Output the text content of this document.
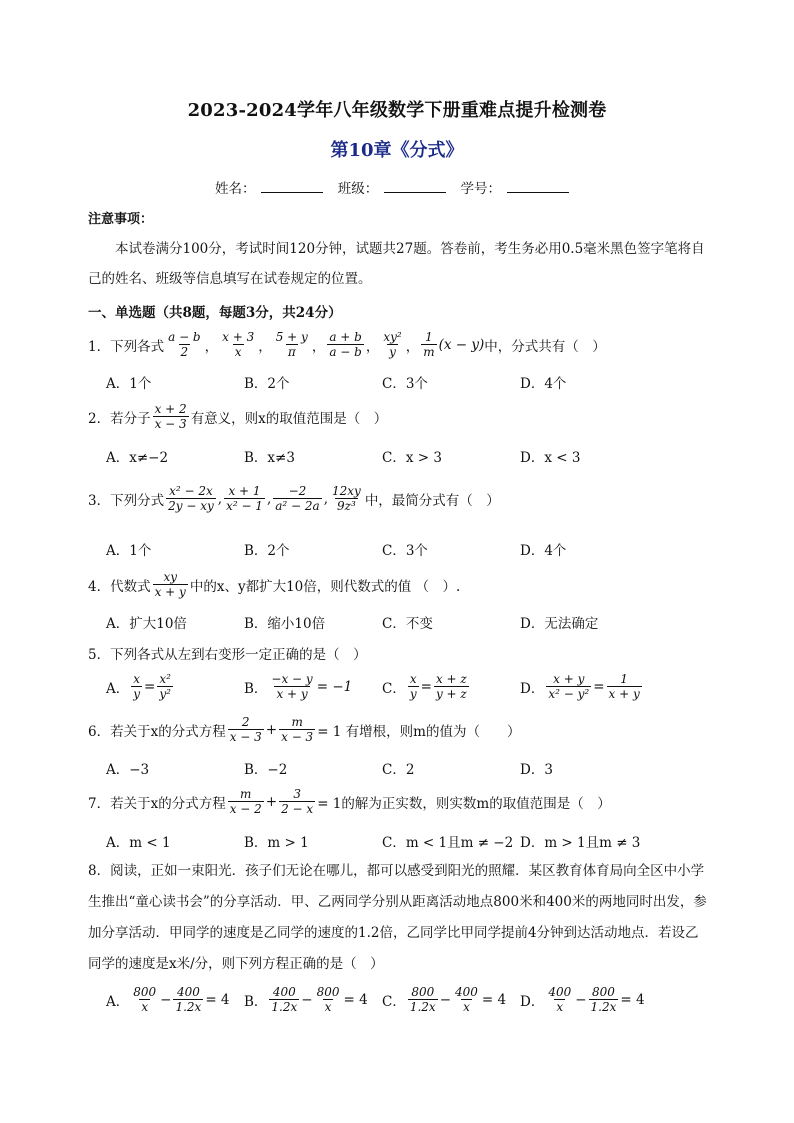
2023-2024学年八年级数学下册重难点提升检测卷
第10章《分式》
姓名：	班级：	学号：
注意事项：
本试卷满分100分，考试时间120分钟，试题共27题。答卷前，考生务必用0.5毫米黑色签字笔将自己的姓名、班级等信息填写在试卷规定的位置。
一、单选题（共8题，每题3分，共24分）
1．下列各式 $\frac{a - b}{2}$ ， $\frac{x + 3}{x}$ ， $\frac{5 + y}{\pi}$ ， $\frac{a + b}{a - b}$ ， $\frac{\text{xy²}}{y}$ ， $\frac{1}{m} (x - y)$ 中，分式共有（　）
A．1个	B．2个	C．3个	D．4个
2．若分子 $\frac{x + 2}{x - 3}$ 有意义，则x的取值范围是（　）
A．x≠−2	B．x≠3	C．x > 3	D．x < 3
3．下列分式 $\frac{\text{x² − 2x}}{2y - xy}$ , $\frac{x + 1}{\text{x² − 1}}$ , $\frac{-2}{\text{a² − 2a}}$ , $\frac{12xy}{\text{9z³}}$ 中，最简分式有（　）
A．1个	B．2个	C．3个	D．4个
4．代数式 $\frac{xy}{x + y}$ 中的x、y都扩大10倍，则代数式的值 （　）.
A．扩大10倍	B．缩小10倍	C．不变	D．无法确定
5．下列各式从左到右变形一定正确的是（　）
A． $\frac{x}{y} = \frac{\text{x²}}{\text{y²}}$	B． $\frac{-x - y}{x + y} = -1$ C． $\frac{x}{y} = \frac{x + z}{y + z}$	D． $\frac{x + y}{\text{x² − y²}} = \frac{1}{x + y}$
6．若关于x的分式方程 $\frac{2}{x - 3} + \frac{m}{x - 3} = 1$ 有增根，则m的值为（　　）
A．−3	B．−2	C．2	D．3
7．若关于x的分式方程 $\frac{m}{x - 2} + \frac{3}{2 - x} = 1$的解为正实数，则实数m的取值范围是（　）
A．m < 1	B．m > 1	C．m < 1且m ≠ −2 D．m > 1且m ≠ 3
8．阅读，正如一束阳光．孩子们无论在哪儿，都可以感受到阳光的照耀．某区教育体育局向全区中小学生推出“童心读书会”的分享活动．甲、乙两同学分别从距离活动地点800米和400米的两地同时出发，参加分享活动．甲同学的速度是乙同学的速度的1.2倍，乙同学比甲同学提前4分钟到达活动地点．若设乙同学的速度是x米/分，则下列方程正确的是（　）
A． $\frac{800}{x} - \frac{400}{1.2x} = 4$ B． $\frac{400}{1.2x} - \frac{800}{x} = 4$ C． $\frac{800}{1.2x} - \frac{400}{x} = 4$ D． $\frac{400}{x} - \frac{800}{1.2x} = 4$
